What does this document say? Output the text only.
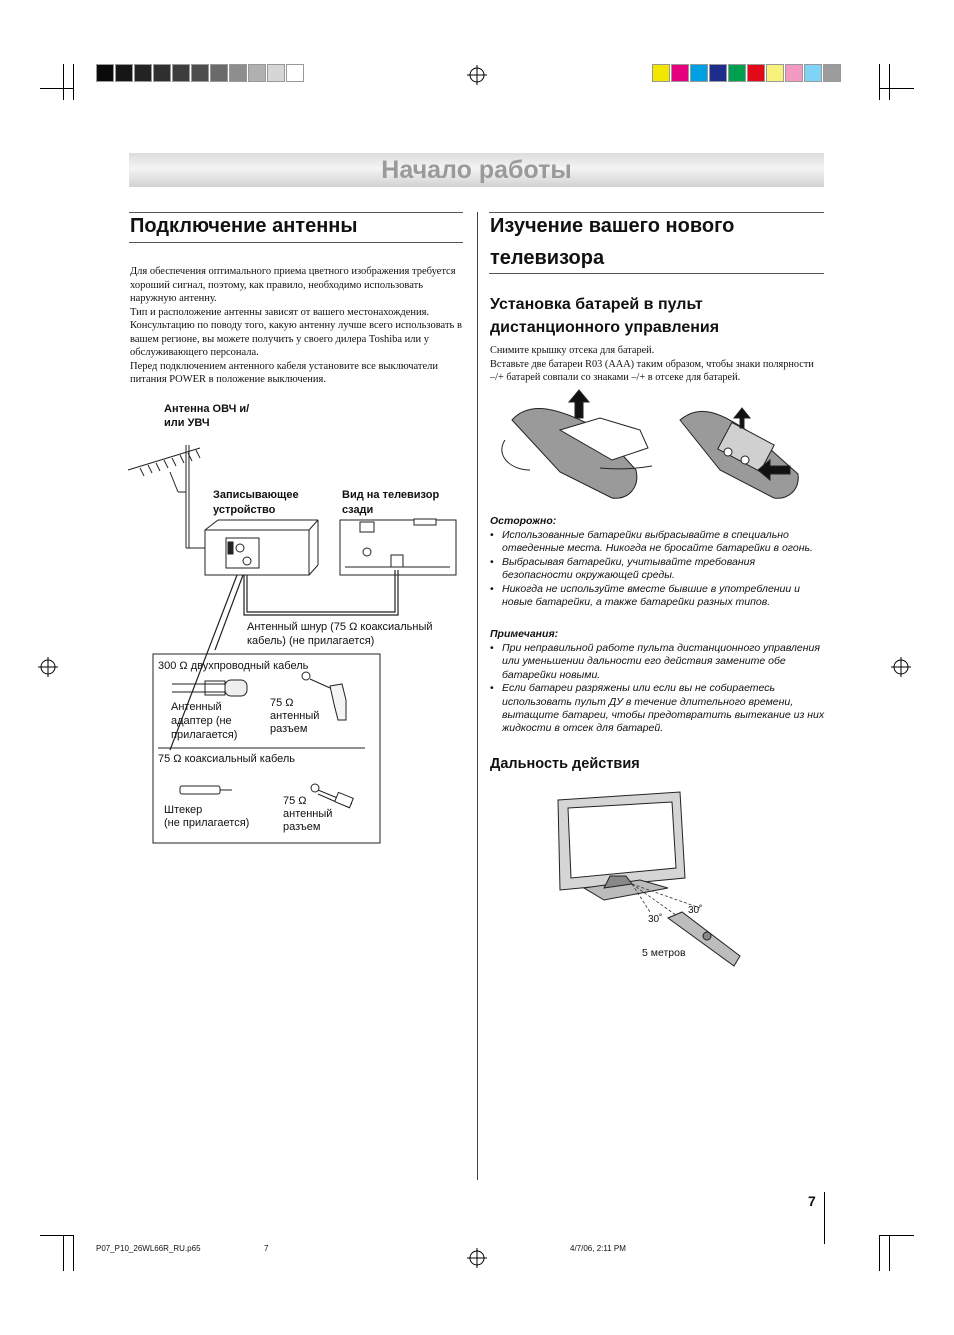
Начало работы
Подключение антенны

Для обеспечения оптимального приема цветного изображения требуется хороший сигнал, поэтому, как правило, необходимо использовать наружную антенну.

Тип и расположение антенны зависят от вашего местонахождения. Консультацию по поводу того, какую антенну лучше всего использовать в вашем регионе, вы можете получить у своего дилера Toshiba или у обслуживающего персонала.

Перед подключением антенного кабеля установите все выключатели питания POWER в положение выключения.

Антенна ОВЧ и/
или УВЧ
Записывающее
устройство
Вид на телевизор
сзади
Антенный шнур (75 Ω коаксиальный
кабель) (не прилагается)
300 Ω двухпроводный кабель
Антенный
адаптер (не
прилагается)
75 Ω
антенный
разъем
75 Ω коаксиальный кабель
Штекер
(не прилагается)
75 Ω
антенный
разъем
Изучение вашего нового телевизора
Установка батарей в пульт дистанционного управления

Снимите крышку отсека для батарей.

Вставьте две батареи R03 (AAA) таким образом, чтобы знаки полярности –/+ батарей совпали со знаками –/+ в отсеке для батарей.

Осторожно:
• Использованные батарейки выбрасывайте в специально отведенные места. Никогда не бросайте батарейки в огонь.
• Выбрасывая батарейки, учитывайте требования безопасности окружающей среды.
• Никогда не используйте вместе бывшие в употреблении и новые батарейки, а также батарейки разных типов.
Примечания:
• При неправильной работе пульта дистанционного управления или уменьшении дальности его действия замените обе батарейки новыми.
• Если батареи разряжены или если вы не собираетесь использовать пульт ДУ в течение длительного времени, вытащите батареи, чтобы предотвратить вытекание из них жидкости в отсек для батарей.
Дальность действия
30˚
30˚
5 метров
7
P07_P10_26WL66R_RU.p65	7	4/7/06, 2:11 PM
